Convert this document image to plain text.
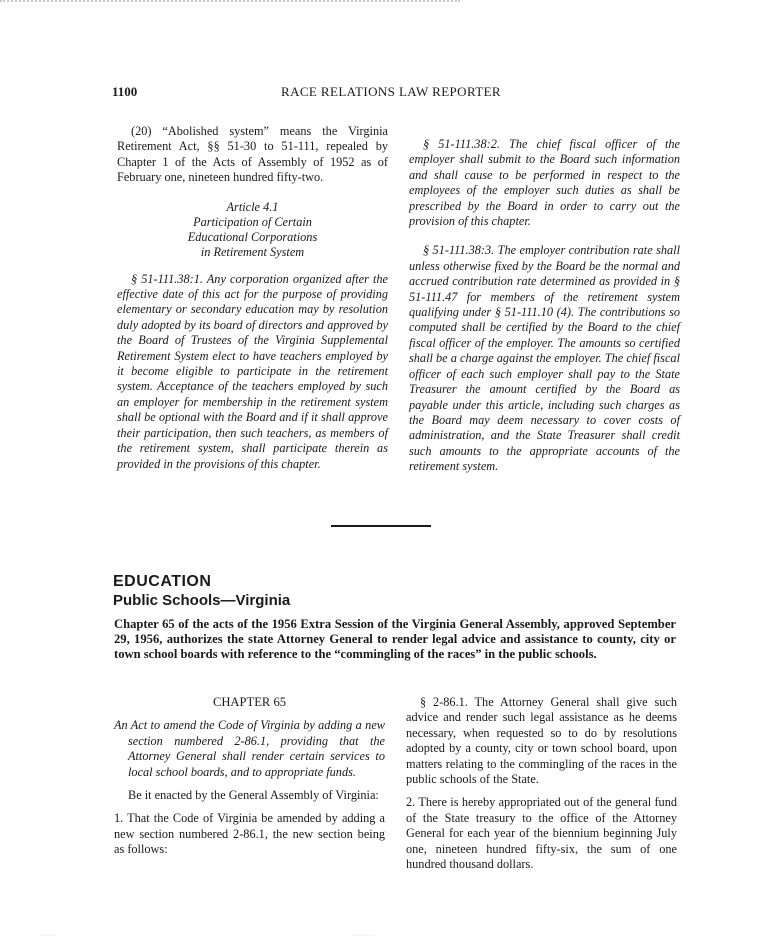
1100	RACE RELATIONS LAW REPORTER

(20) “Abolished system” means the Virginia Retirement Act, §§ 51-30 to 51-111, repealed by Chapter 1 of the Acts of Assembly of 1952 as of February one, nineteen hundred fifty-two.

Article 4.1
Participation of Certain
Educational Corporations
in Retirement System

§ 51-111.38:1. Any corporation organized after the effective date of this act for the purpose of providing elementary or secondary education may by resolution duly adopted by its board of directors and approved by the Board of Trustees of the Virginia Supplemental Retirement System elect to have teachers employed by it become eligible to participate in the retirement system. Acceptance of the teachers employed by such an employer for membership in the retirement system shall be optional with the Board and if it shall approve their participation, then such teachers, as members of the retirement system, shall participate therein as provided in the provisions of this chapter.

§ 51-111.38:2. The chief fiscal officer of the employer shall submit to the Board such information and shall cause to be performed in respect to the employees of the employer such duties as shall be prescribed by the Board in order to carry out the provision of this chapter.

§ 51-111.38:3. The employer contribution rate shall unless otherwise fixed by the Board be the normal and accrued contribution rate determined as provided in § 51-111.47 for members of the retirement system qualifying under § 51-111.10 (4). The contributions so computed shall be certified by the Board to the chief fiscal officer of the employer. The amounts so certified shall be a charge against the employer. The chief fiscal officer of each such employer shall pay to the State Treasurer the amount certified by the Board as payable under this article, including such charges as the Board may deem necessary to cover costs of administration, and the State Treasurer shall credit such amounts to the appropriate accounts of the retirement system.

EDUCATION
Public Schools—Virginia
Chapter 65 of the acts of the 1956 Extra Session of the Virginia General Assembly, approved September 29, 1956, authorizes the state Attorney General to render legal advice and assistance to county, city or town school boards with reference to the “commingling of the races” in the public schools.

CHAPTER 65

An Act to amend the Code of Virginia by adding a new section numbered 2-86.1, providing that the Attorney General shall render certain services to local school boards, and to appropriate funds.

Be it enacted by the General Assembly of Virginia:

1. That the Code of Virginia be amended by adding a new section numbered 2-86.1, the new section being as follows:

§ 2-86.1. The Attorney General shall give such advice and render such legal assistance as he deems necessary, when requested so to do by resolutions adopted by a county, city or town school board, upon matters relating to the commingling of the races in the public schools of the State.

2. There is hereby appropriated out of the general fund of the State treasury to the office of the Attorney General for each year of the biennium beginning July one, nineteen hundred fifty-six, the sum of one hundred thousand dollars.

· · · · ·	· · · · · · ·
